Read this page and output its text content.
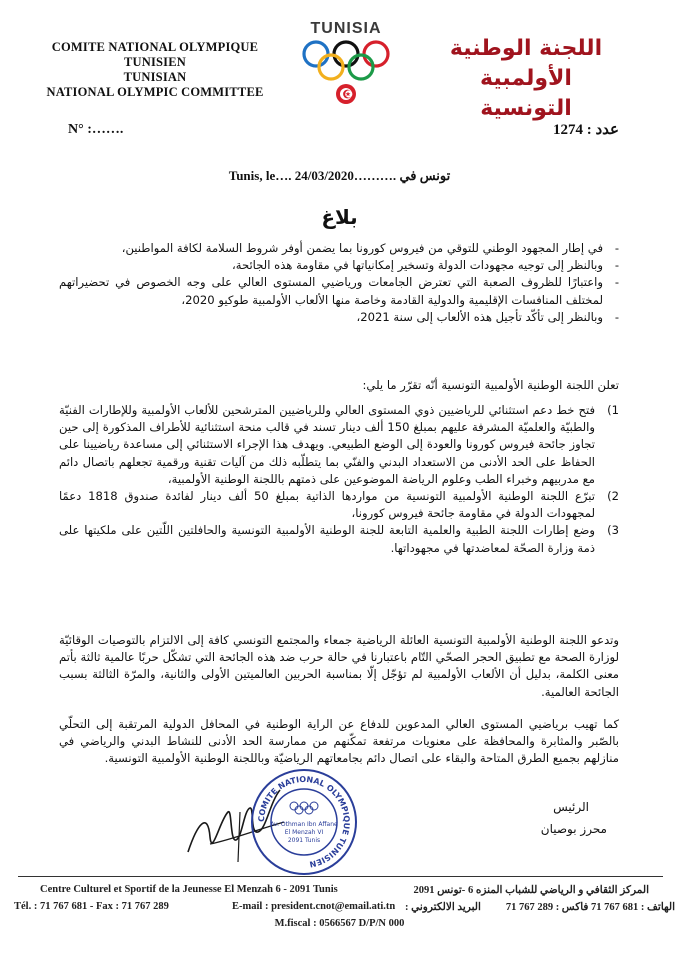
COMITE NATIONAL OLYMPIQUE
TUNISIEN
TUNISIAN
NATIONAL OLYMPIC COMMITTEE
TUNISIA
اللجنة الوطنية الأولمبية
التونسية
N° :…….	عدد : 1274
Tunis, le…. 24/03/2020………. تونس في
بلاغ
- في إطار المجهود الوطني للتوقي من فيروس كورونا بما يضمن أوفر شروط السلامة لكافة المواطنين،
- وبالنظر إلى توجيه مجهودات الدولة وتسخير إمكانياتها في مقاومة هذه الجائحة،
- واعتبارًا للظروف الصعبة التي تعترض الجامعات ورياضيي المستوى العالي على وجه الخصوص في تحضيراتهم لمختلف المنافسات الإقليمية والدولية القادمة وخاصة منها الألعاب الأولمبية طوكيو 2020،
- وبالنظر إلى تأكّد تأجيل هذه الألعاب إلى سنة 2021،
تعلن اللجنة الوطنية الأولمبية التونسية أنّه تقرّر ما يلي:
1)
فتح خط دعم استثنائي للرياضيين ذوي المستوى العالي وللرياضيين المترشحين للألعاب الأولمبية وللإطارات الفنيّة والطبيّة والعلميّة المشرفة عليهم بمبلغ 150 ألف دينار تسند في قالب منحة استثنائية للأطراف المذكورة إلى حين تجاوز جائحة فيروس كورونا والعودة إلى الوضع الطبيعي. ويهدف هذا الإجراء الاستثنائي إلى مساعدة رياضيينا على الحفاظ على الحد الأدنى من الاستعداد البدني والفنّي بما يتطلّبه ذلك من آليات تقنية ورقمية تجعلهم باتصال دائم مع مدربيهم وخبراء الطب وعلوم الرياضة الموضوعين على ذمتهم باللجنة الوطنية الأولمبية،
2)
تبرّع اللجنة الوطنية الأولمبية التونسية من مواردها الذاتية بمبلغ 50 ألف دينار لفائدة صندوق 1818 دعمًا لمجهودات الدولة في مقاومة جائحة فيروس كورونا،
3)
وضع إطارات اللجنة الطبية والعلمية التابعة للجنة الوطنية الأولمبية التونسية والحافلتين اللّتين على ملكيتها على ذمة وزارة الصحّة لمعاضدتها في مجهوداتها.
وتدعو اللجنة الوطنية الأولمبية التونسية العائلة الرياضية جمعاء والمجتمع التونسي كافة إلى الالتزام بالتوصيات الوقائيّة لوزارة الصحة مع تطبيق الحجر الصحّي التّام باعتبارنا في حالة حرب ضد هذه الجائحة التي تشكّل حربًا عالمية ثالثة بأتم معنى الكلمة، بدليل أن الألعاب الأولمبية لم تؤجّل إلّا بمناسبة الحربين العالميتين الأولى والثانية، والمرّة الثالثة بسبب الجائحة العالمية.
كما تهيب برياضيي المستوى العالي المدعوين للدفاع عن الراية الوطنية في المحافل الدولية المرتقبة إلى التحلّي بالصّبر والمثابرة والمحافظة على معنويات مرتفعة تمكّنهم من ممارسة الحد الأدنى للنشاط البدني والرياضي في منازلهم بجميع الطرق المتاحة والبقاء على اتصال دائم بجامعاتهم الرياضيّة وباللجنة الوطنية الأولمبية التونسية.
الرئيس
محرز بوصيان
COMITE NATIONAL OLYMPIQUE TUNISIEN
Av. Othman Ibn Affane
El Menzah VI
2091 Tunis
Centre Culturel et Sportif de la Jeunesse El Menzah 6 - 2091 Tunis	المركز الثقافي و الرياضي للشباب المنزه 6 -تونس 2091
Tél. : 71 767 681 - Fax : 71 767 289	E-mail : president.cnot@email.ati.tn البريد الالكتروني : الهاتف : 681 767 71 فاكس : 289 767 71
M.fiscal : 0566567 D/P/N 000
